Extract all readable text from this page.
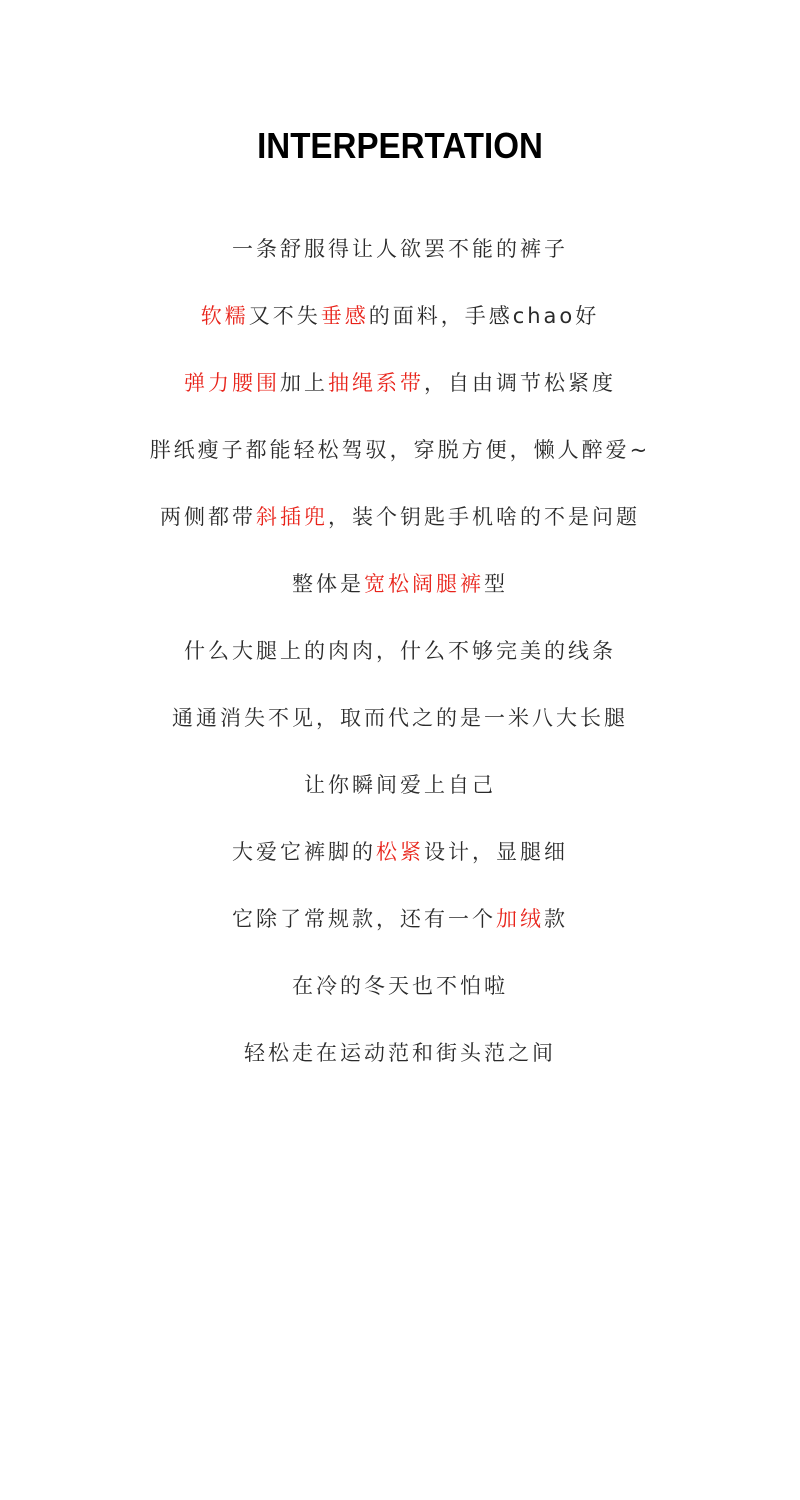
INTERPERTATION
一条舒服得让人欲罢不能的裤子
软糯又不失垂感的面料，手感chao好
弹力腰围加上抽绳系带，自由调节松紧度
胖纸瘦子都能轻松驾驭，穿脱方便，懒人醉爱~
两侧都带斜插兜，装个钥匙手机啥的不是问题
整体是宽松阔腿裤型
什么大腿上的肉肉，什么不够完美的线条
通通消失不见，取而代之的是一米八大长腿
让你瞬间爱上自己
大爱它裤脚的松紧设计，显腿细
它除了常规款，还有一个加绒款
在冷的冬天也不怕啦
轻松走在运动范和街头范之间
